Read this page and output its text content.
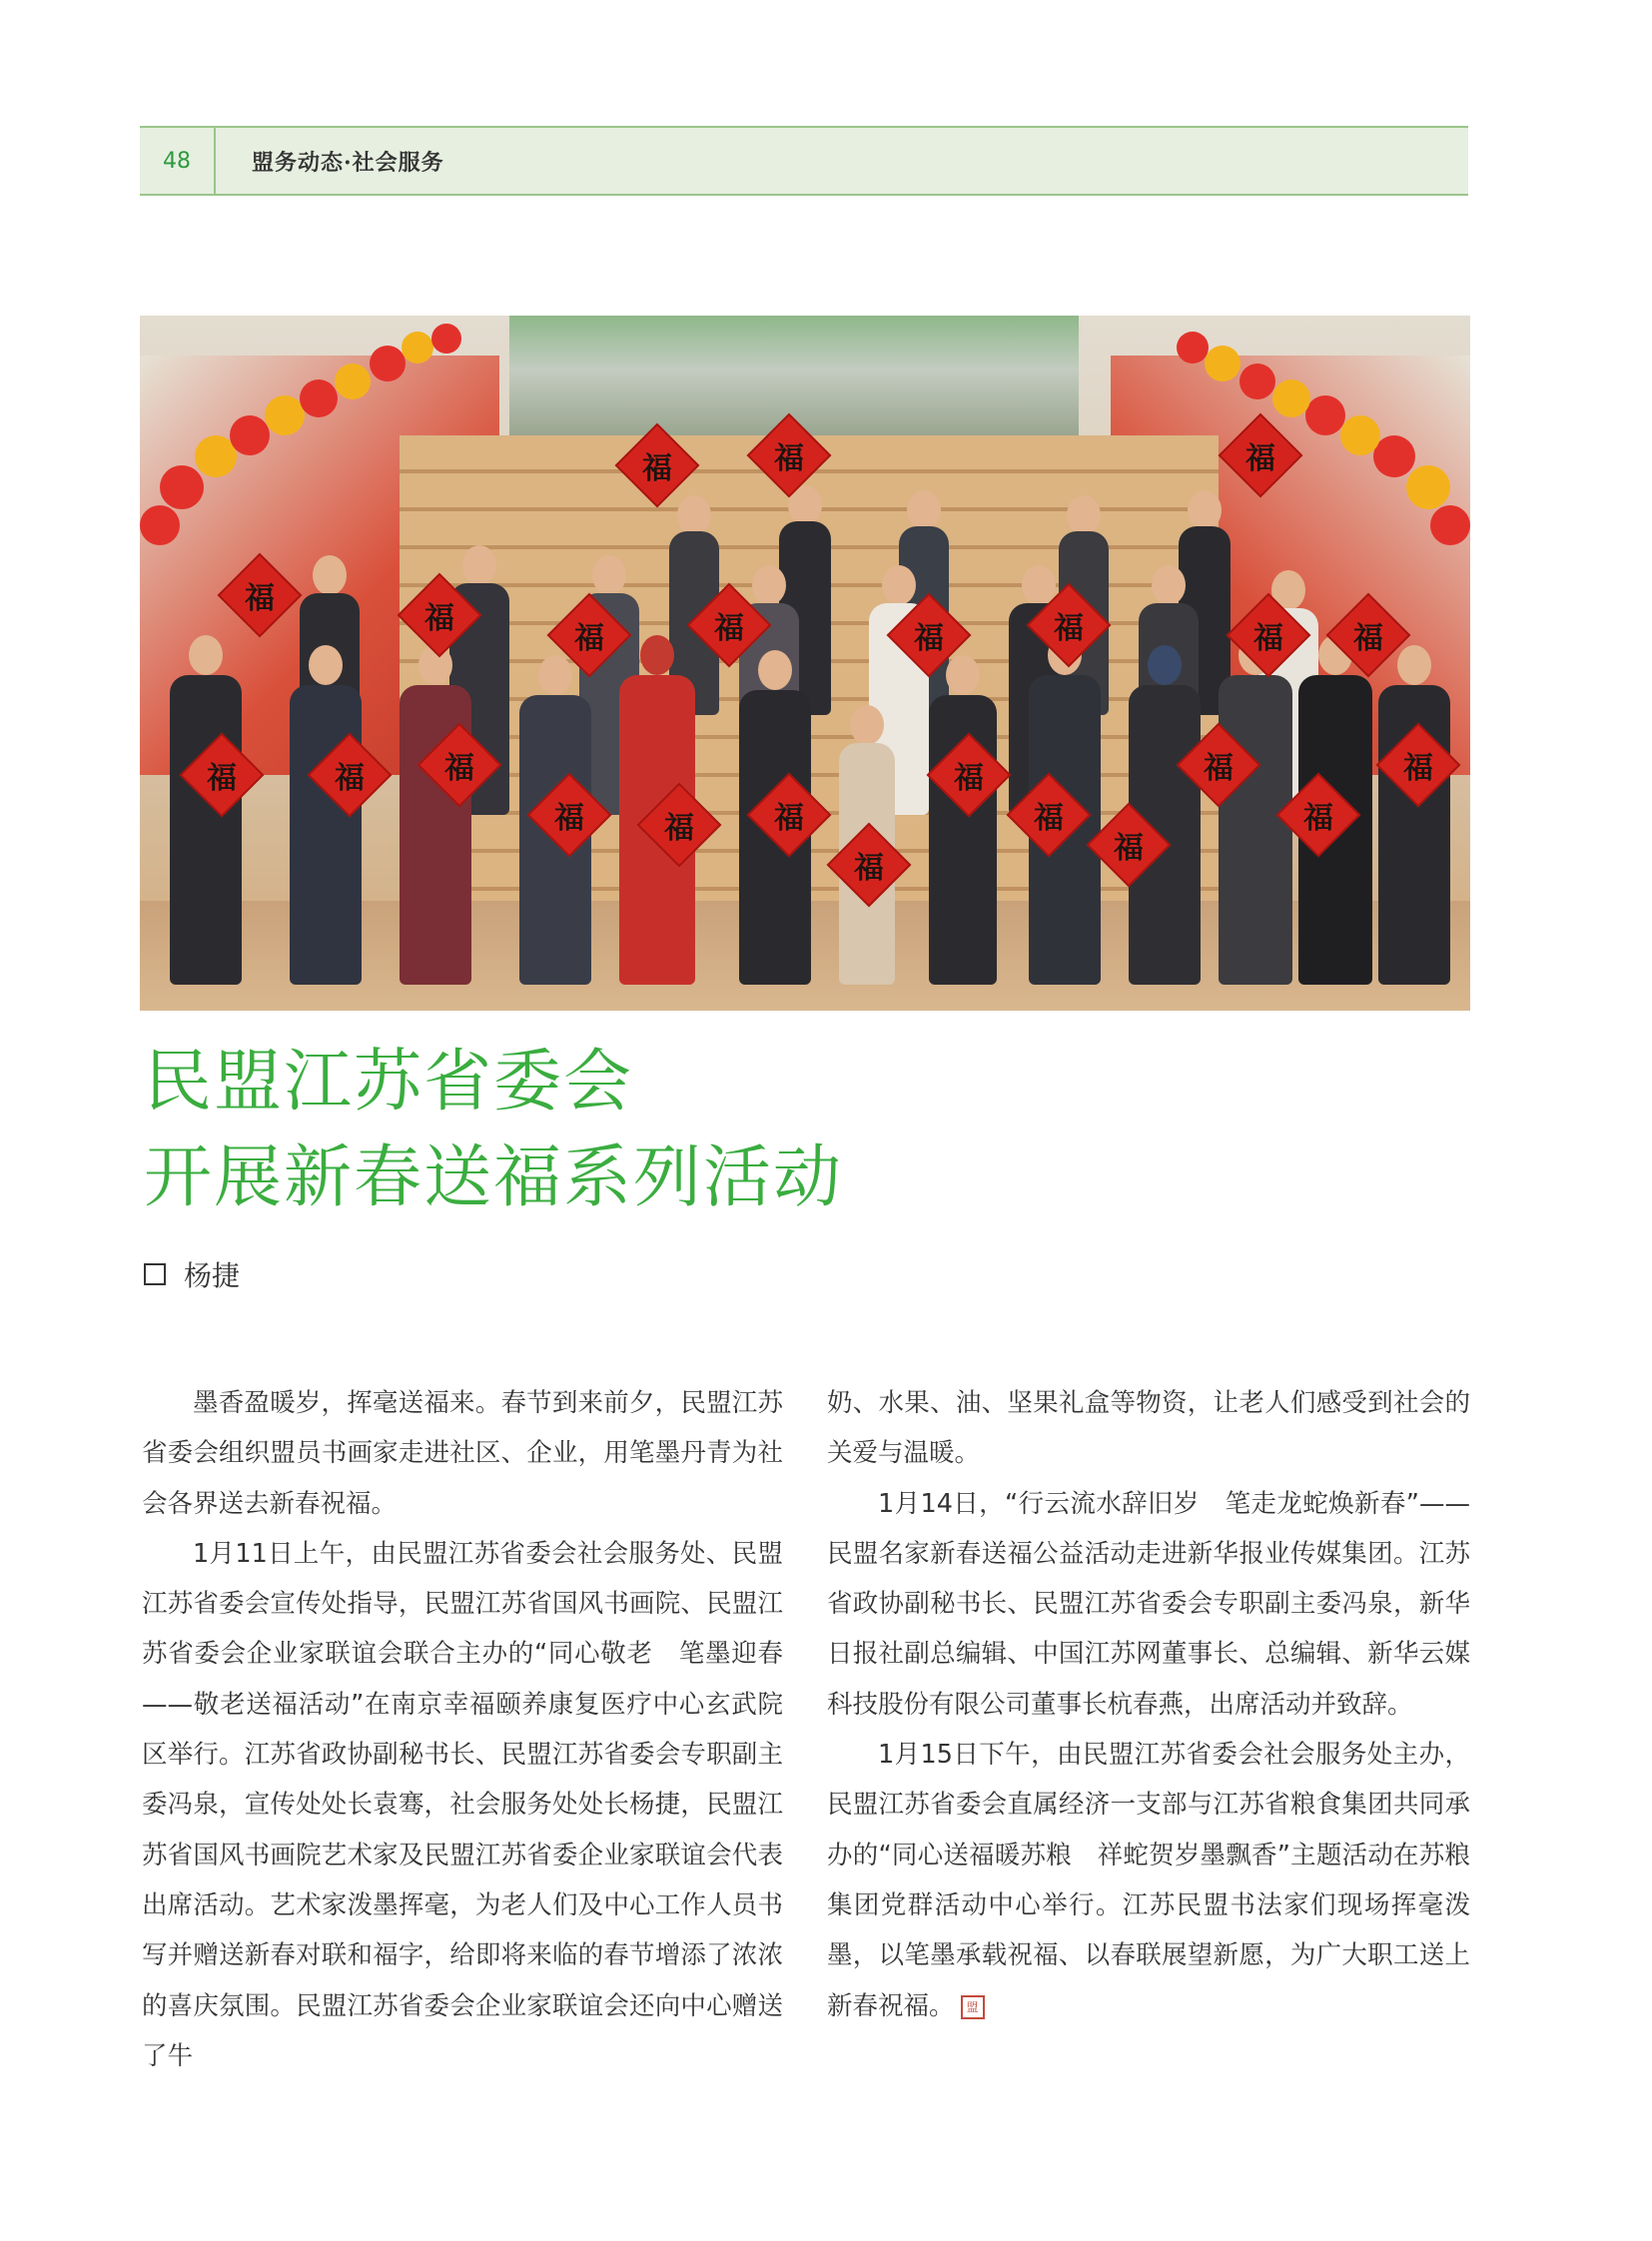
48	盟务动态·社会服务
福	福	福
福
福
福	福	福	福	福 福
福	福	福
福	福	福
福
福
福
福
福
福
福
民盟江苏省委会
开展新春送福系列活动
杨捷

墨香盈暖岁，挥毫送福来。春节到来前夕，民盟江苏省委会组织盟员书画家走进社区、企业，用笔墨丹青为社会各界送去新春祝福。

1月11日上午，由民盟江苏省委会社会服务处、民盟江苏省委会宣传处指导，民盟江苏省国风书画院、民盟江苏省委会企业家联谊会联合主办的“同心敬老　笔墨迎春——敬老送福活动”在南京幸福颐养康复医疗中心玄武院区举行。江苏省政协副秘书长、民盟江苏省委会专职副主委冯泉，宣传处处长袁骞，社会服务处处长杨捷，民盟江苏省国风书画院艺术家及民盟江苏省委企业家联谊会代表出席活动。艺术家泼墨挥毫，为老人们及中心工作人员书写并赠送新春对联和福字，给即将来临的春节增添了浓浓的喜庆氛围。民盟江苏省委会企业家联谊会还向中心赠送了牛

奶、水果、油、坚果礼盒等物资，让老人们感受到社会的关爱与温暖。

1月14日，“行云流水辞旧岁　笔走龙蛇焕新春”——民盟名家新春送福公益活动走进新华报业传媒集团。江苏省政协副秘书长、民盟江苏省委会专职副主委冯泉，新华日报社副总编辑、中国江苏网董事长、总编辑、新华云媒科技股份有限公司董事长杭春燕，出席活动并致辞。

1月15日下午，由民盟江苏省委会社会服务处主办，民盟江苏省委会直属经济一支部与江苏省粮食集团共同承办的“同心送福暖苏粮　祥蛇贺岁墨飘香”主题活动在苏粮集团党群活动中心举行。江苏民盟书法家们现场挥毫泼墨，以笔墨承载祝福、以春联展望新愿，为广大职工送上新春祝福。 盟
